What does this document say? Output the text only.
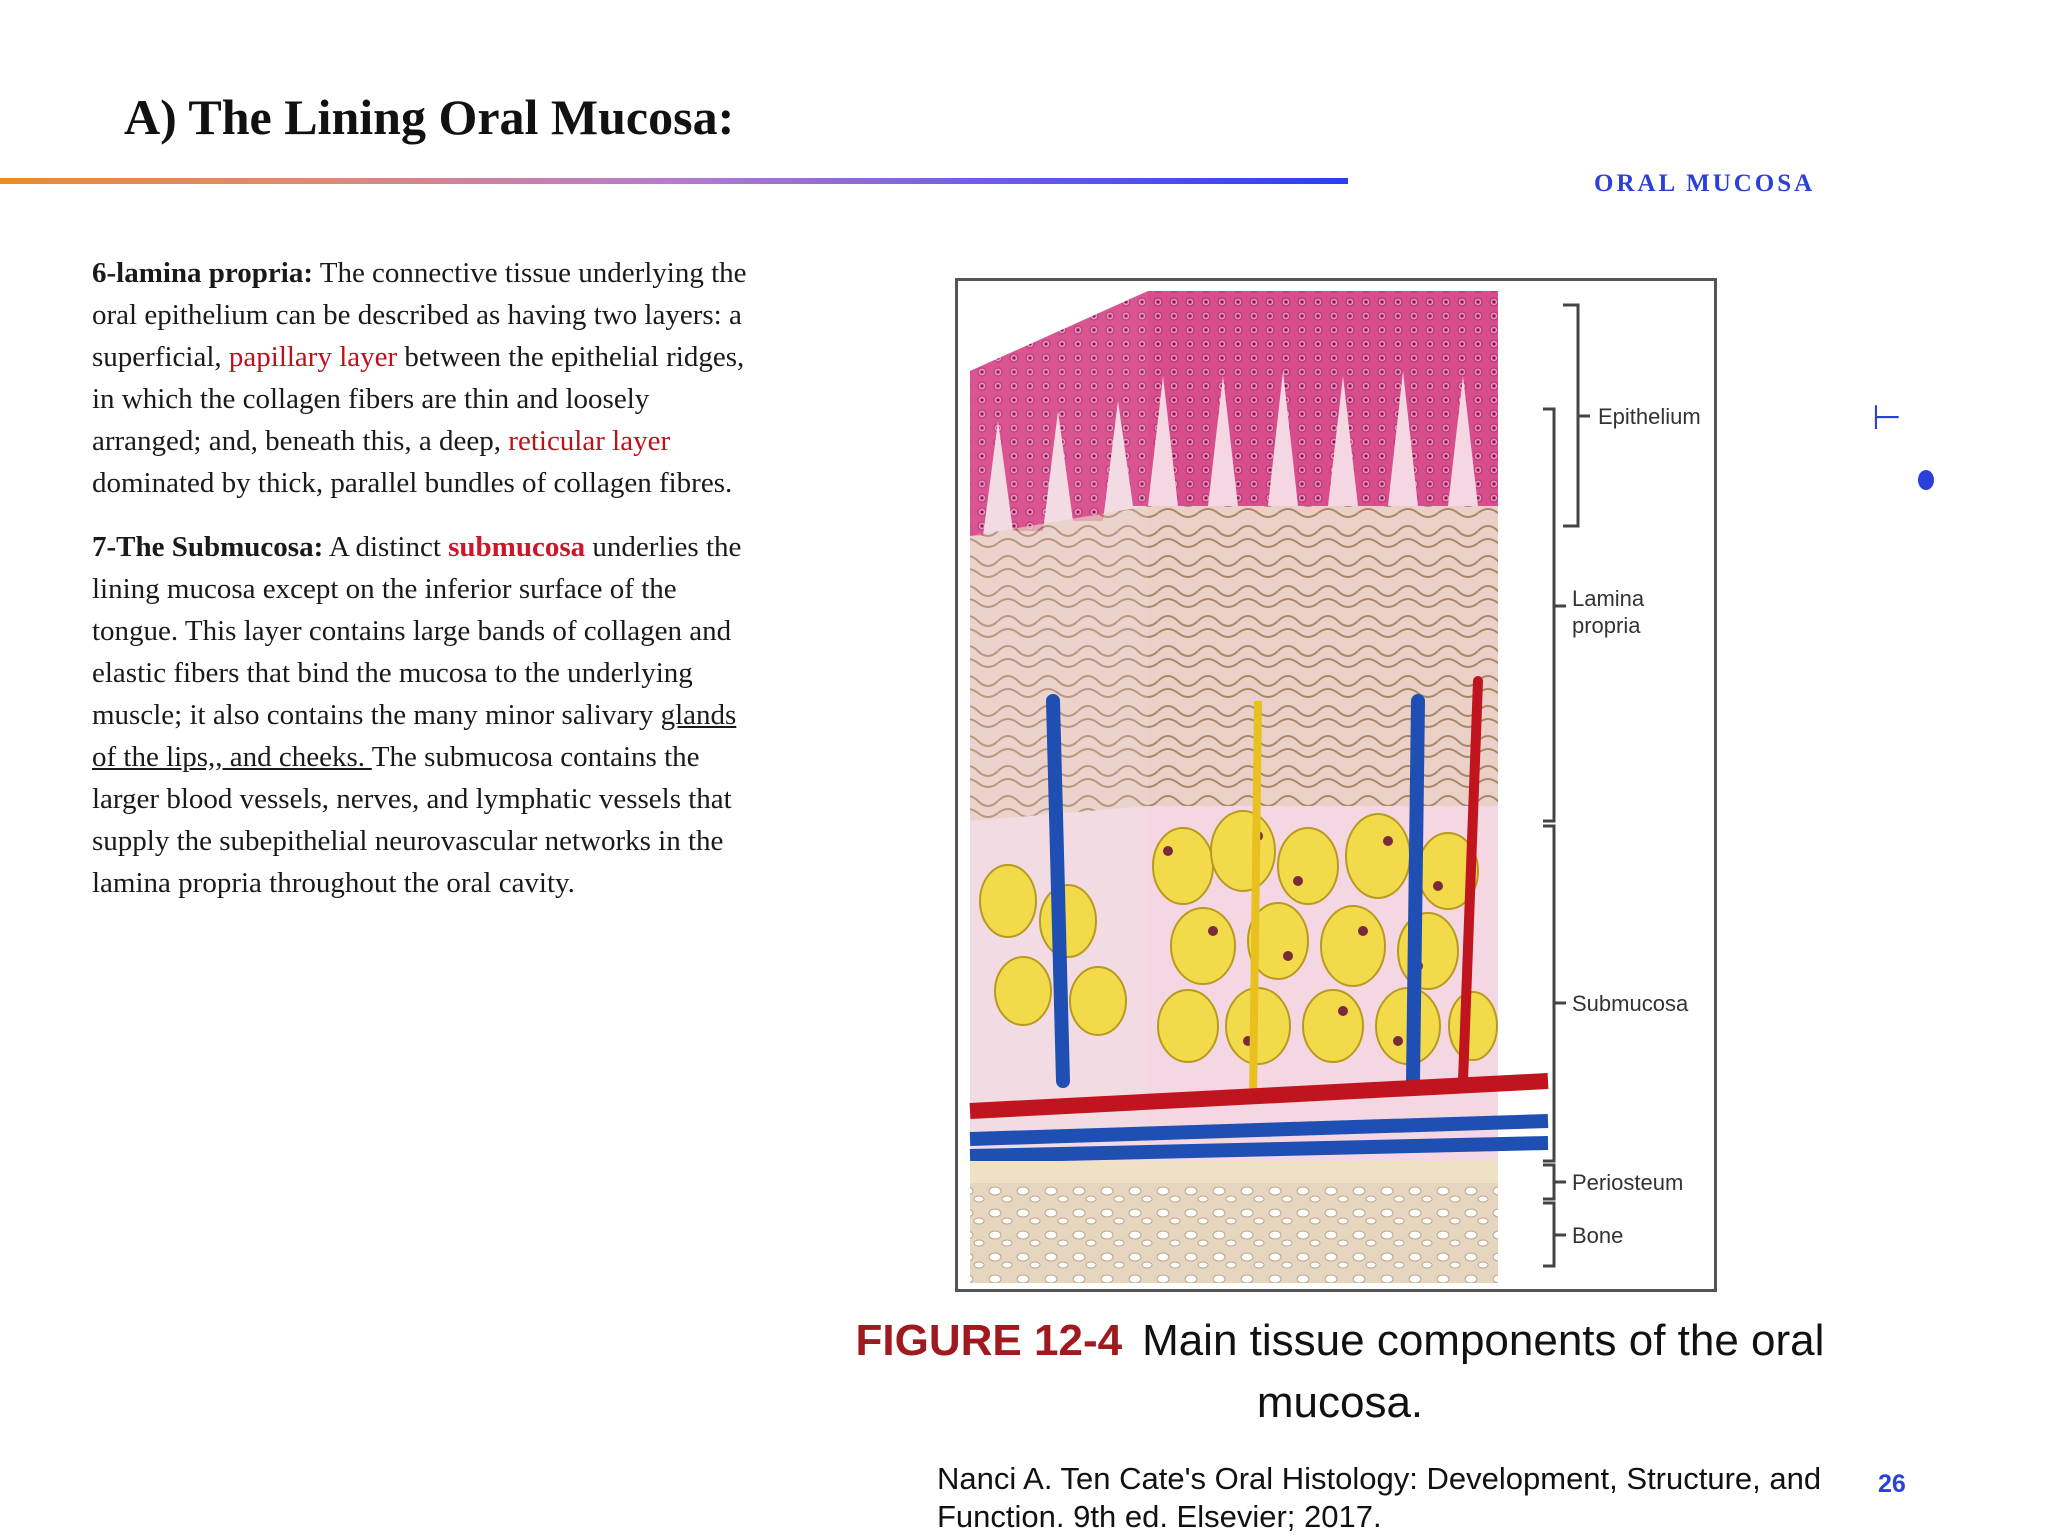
A) The Lining Oral Mucosa:
ORAL MUCOSA

6-lamina propria: The connective tissue underlying the oral epithelium can be described as having two layers: a superficial, papillary layer between the epithelial ridges, in which the collagen fibers are thin and loosely arranged; and, beneath this, a deep, reticular layer dominated by thick, parallel bundles of collagen fibres.

7-The Submucosa: A distinct submucosa underlies the lining mucosa except on the inferior surface of the tongue. This layer contains large bands of collagen and elastic fibers that bind the mucosa to the underlying muscle; it also contains the many minor salivary glands of the lips,, and cheeks. The submucosa contains the larger blood vessels, nerves, and lymphatic vessels that supply the subepithelial neurovascular networks in the lamina propria throughout the oral cavity.

Epithelium
Lamina
propria
Submucosa
Periosteum
Bone
FIGURE 12-4 Main tissue components of the oral mucosa.
Nanci A. Ten Cate's Oral Histology: Development, Structure, and Function. 9th ed. Elsevier; 2017.
26
⊢
